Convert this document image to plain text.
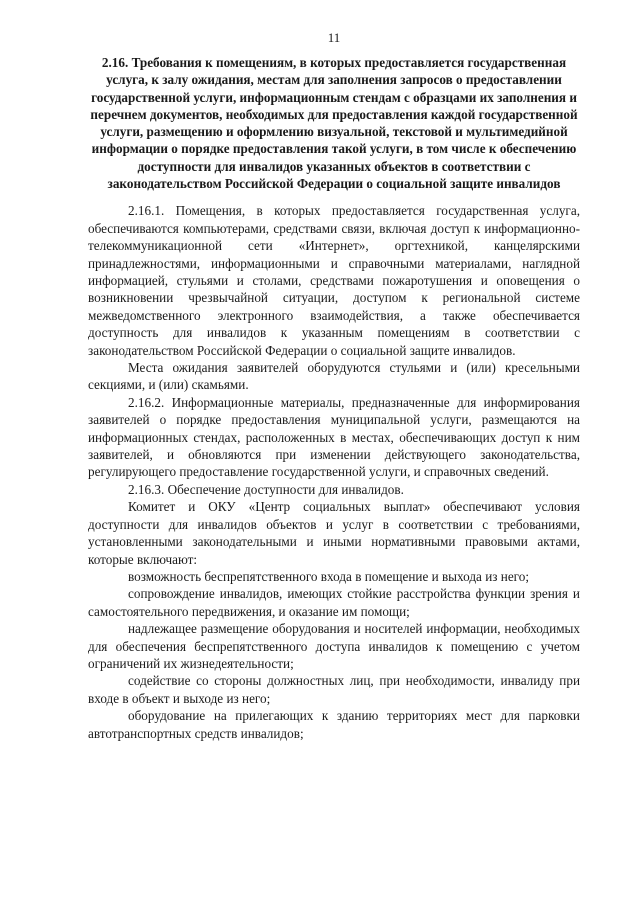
11
2.16. Требования к помещениям, в которых предоставляется государственная услуга, к залу ожидания, местам для заполнения запросов о предоставлении государственной услуги, информационным стендам с образцами их заполнения и перечнем документов, необходимых для предоставления каждой государственной услуги, размещению и оформлению визуальной, текстовой и мультимедийной информации о порядке предоставления такой услуги, в том числе к обеспечению доступности для инвалидов указанных объектов в соответствии с законодательством Российской Федерации о социальной защите инвалидов

2.16.1. Помещения, в которых предоставляется государственная услуга, обеспечиваются компьютерами, средствами связи, включая доступ к информационно-телекоммуникационной сети «Интернет», оргтехникой, канцелярскими принадлежностями, информационными и справочными материалами, наглядной информацией, стульями и столами, средствами пожаротушения и оповещения о возникновении чрезвычайной ситуации, доступом к региональной системе межведомственного электронного взаимодействия, а также обеспечивается доступность для инвалидов к указанным помещениям в соответствии с законодательством Российской Федерации о социальной защите инвалидов.

Места ожидания заявителей оборудуются стульями и (или) кресельными секциями, и (или) скамьями.

2.16.2. Информационные материалы, предназначенные для информирования заявителей о порядке предоставления муниципальной услуги, размещаются на информационных стендах, расположенных в местах, обеспечивающих доступ к ним заявителей, и обновляются при изменении действующего законодательства, регулирующего предоставление государственной услуги, и справочных сведений.

2.16.3. Обеспечение доступности для инвалидов.

Комитет и ОКУ «Центр социальных выплат» обеспечивают условия доступности для инвалидов объектов и услуг в соответствии с требованиями, установленными законодательными и иными нормативными правовыми актами, которые включают:

возможность беспрепятственного входа в помещение и выхода из него;

сопровождение инвалидов, имеющих стойкие расстройства функции зрения и самостоятельного передвижения, и оказание им помощи;

надлежащее размещение оборудования и носителей информации, необходимых для обеспечения беспрепятственного доступа инвалидов к помещению с учетом ограничений их жизнедеятельности;

содействие со стороны должностных лиц, при необходимости, инвалиду при входе в объект и выходе из него;

оборудование на прилегающих к зданию территориях мест для парковки автотранспортных средств инвалидов;
